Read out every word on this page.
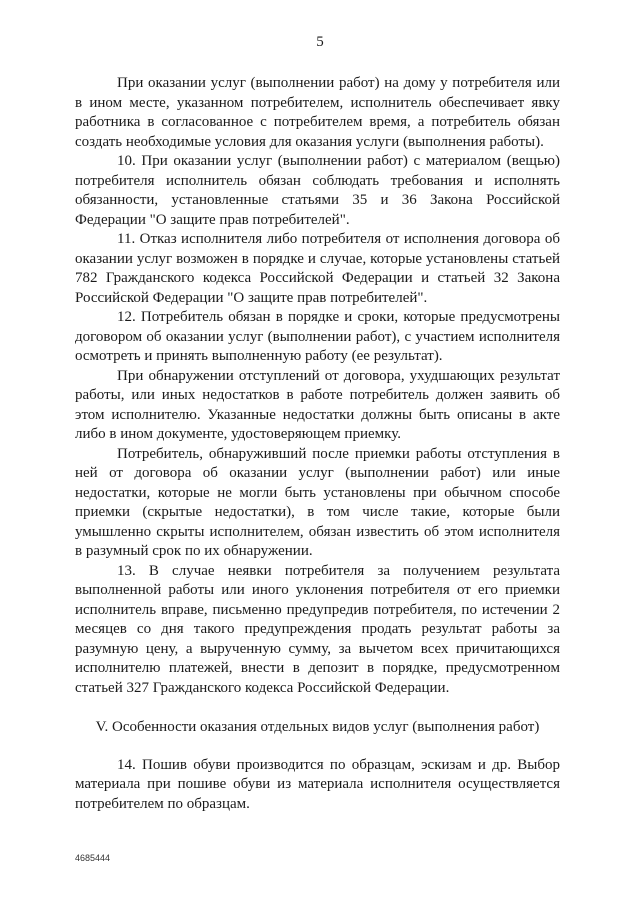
5

При оказании услуг (выполнении работ) на дому у потребителя или в ином месте, указанном потребителем, исполнитель обеспечивает явку работника в согласованное с потребителем время, а потребитель обязан создать необходимые условия для оказания услуги (выполнения работы).

10. При оказании услуг (выполнении работ) с материалом (вещью) потребителя исполнитель обязан соблюдать требования и исполнять обязанности, установленные статьями 35 и 36 Закона Российской Федерации "О защите прав потребителей".

11. Отказ исполнителя либо потребителя от исполнения договора об оказании услуг возможен в порядке и случае, которые установлены статьей 782 Гражданского кодекса Российской Федерации и статьей 32 Закона Российской Федерации "О защите прав потребителей".

12. Потребитель обязан в порядке и сроки, которые предусмотрены договором об оказании услуг (выполнении работ), с участием исполнителя осмотреть и принять выполненную работу (ее результат).

При обнаружении отступлений от договора, ухудшающих результат работы, или иных недостатков в работе потребитель должен заявить об этом исполнителю. Указанные недостатки должны быть описаны в акте либо в ином документе, удостоверяющем приемку.

Потребитель, обнаруживший после приемки работы отступления в ней от договора об оказании услуг (выполнении работ) или иные недостатки, которые не могли быть установлены при обычном способе приемки (скрытые недостатки), в том числе такие, которые были умышленно скрыты исполнителем, обязан известить об этом исполнителя в разумный срок по их обнаружении.

13. В случае неявки потребителя за получением результата выполненной работы или иного уклонения потребителя от его приемки исполнитель вправе, письменно предупредив потребителя, по истечении 2 месяцев со дня такого предупреждения продать результат работы за разумную цену, а вырученную сумму, за вычетом всех причитающихся исполнителю платежей, внести в депозит в порядке, предусмотренном статьей 327 Гражданского кодекса Российской Федерации.

V. Особенности оказания отдельных видов услуг (выполнения работ)

14. Пошив обуви производится по образцам, эскизам и др. Выбор материала при пошиве обуви из материала исполнителя осуществляется потребителем по образцам.

4685444
